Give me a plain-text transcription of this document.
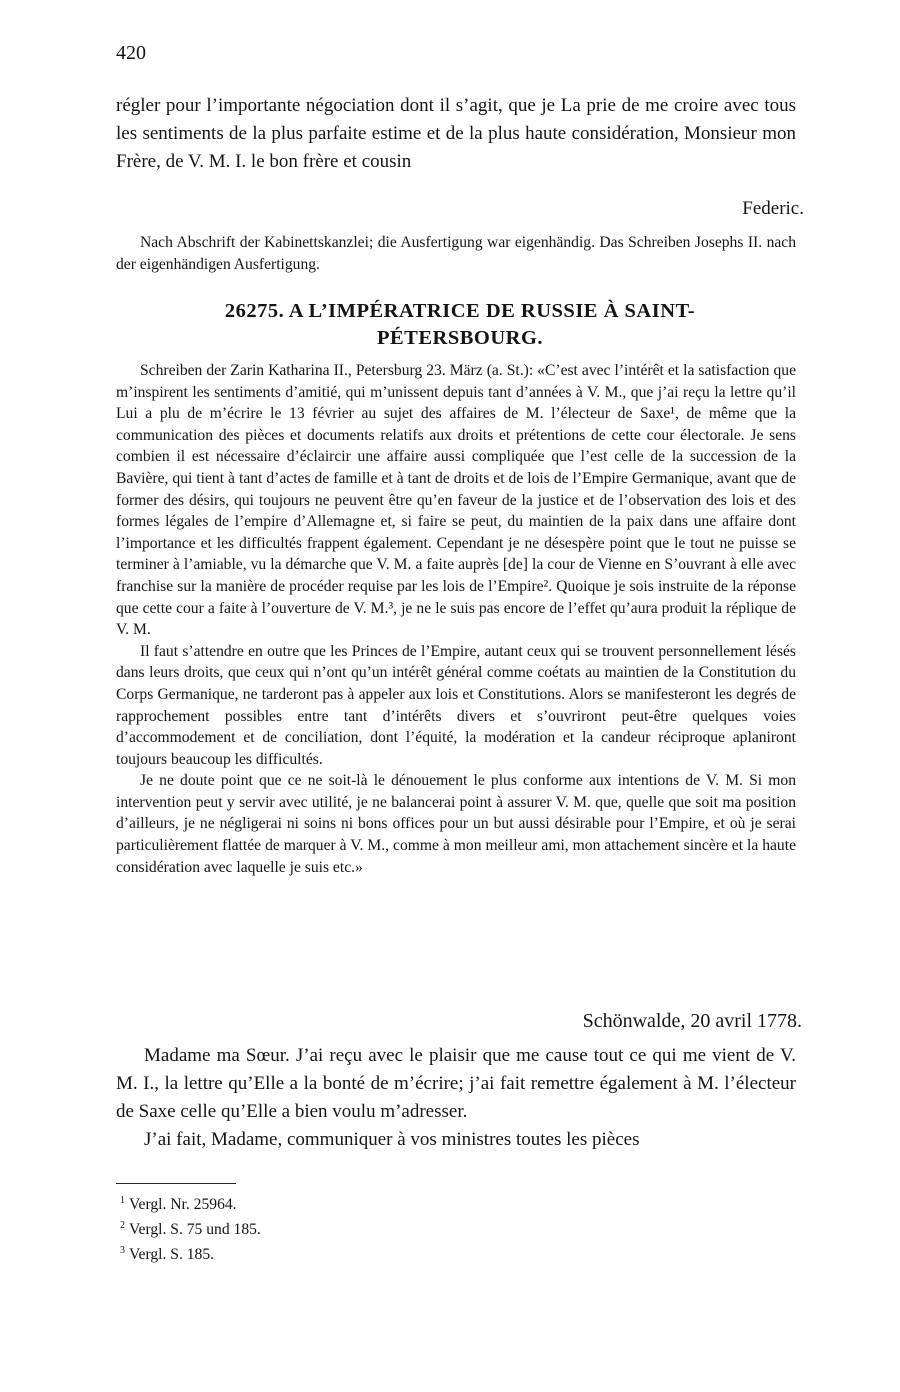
420

régler pour l’importante négociation dont il s’agit, que je La prie de me croire avec tous les sentiments de la plus parfaite estime et de la plus haute considération, Monsieur mon Frère, de V. M. I. le bon frère et cousin

Federic.

Nach Abschrift der Kabinettskanzlei; die Ausfertigung war eigenhändig. Das Schreiben Josephs II. nach der eigenhändigen Ausfertigung.

26275. A L’IMPÉRATRICE DE RUSSIE À SAINT-PÉTERSBOURG.

Schreiben der Zarin Katharina II., Petersburg 23. März (a. St.): «C’est avec l’intérêt et la satisfaction que m’inspirent les sentiments d’amitié, qui m’unissent depuis tant d’années à V. M., que j’ai reçu la lettre qu’il Lui a plu de m’écrire le 13 février au sujet des affaires de M. l’électeur de Saxe¹, de même que la communication des pièces et documents relatifs aux droits et prétentions de cette cour électorale. Je sens combien il est nécessaire d’éclaircir une affaire aussi compliquée que l’est celle de la succession de la Bavière, qui tient à tant d’actes de famille et à tant de droits et de lois de l’Empire Germanique, avant que de former des désirs, qui toujours ne peuvent être qu’en faveur de la justice et de l’observation des lois et des formes légales de l’empire d’Allemagne et, si faire se peut, du maintien de la paix dans une affaire dont l’importance et les difficultés frappent également. Cependant je ne désespère point que le tout ne puisse se terminer à l’amiable, vu la démarche que V. M. a faite auprès [de] la cour de Vienne en S’ouvrant à elle avec franchise sur la manière de procéder requise par les lois de l’Empire². Quoique je sois instruite de la réponse que cette cour a faite à l’ouverture de V. M.³, je ne le suis pas encore de l’effet qu’aura produit la réplique de V. M.

Il faut s’attendre en outre que les Princes de l’Empire, autant ceux qui se trouvent personnellement lésés dans leurs droits, que ceux qui n’ont qu’un intérêt général comme coétats au maintien de la Constitution du Corps Germanique, ne tarderont pas à appeler aux lois et Constitutions. Alors se manifesteront les degrés de rapprochement possibles entre tant d’intérêts divers et s’ouvriront peut-être quelques voies d’accommodement et de conciliation, dont l’équité, la modération et la candeur réciproque aplaniront toujours beaucoup les difficultés.

Je ne doute point que ce ne soit-là le dénouement le plus conforme aux intentions de V. M. Si mon intervention peut y servir avec utilité, je ne balancerai point à assurer V. M. que, quelle que soit ma position d’ailleurs, je ne négligerai ni soins ni bons offices pour un but aussi désirable pour l’Empire, et où je serai particulièrement flattée de marquer à V. M., comme à mon meilleur ami, mon attachement sincère et la haute considération avec laquelle je suis etc.»

Schönwalde, 20 avril 1778.

Madame ma Sœur. J’ai reçu avec le plaisir que me cause tout ce qui me vient de V. M. I., la lettre qu’Elle a la bonté de m’écrire; j’ai fait remettre également à M. l’électeur de Saxe celle qu’Elle a bien voulu m’adresser.

J’ai fait, Madame, communiquer à vos ministres toutes les pièces

$^1$ Vergl. Nr. 25964.
$^2$ Vergl. S. 75 und 185.
$^3$ Vergl. S. 185.
